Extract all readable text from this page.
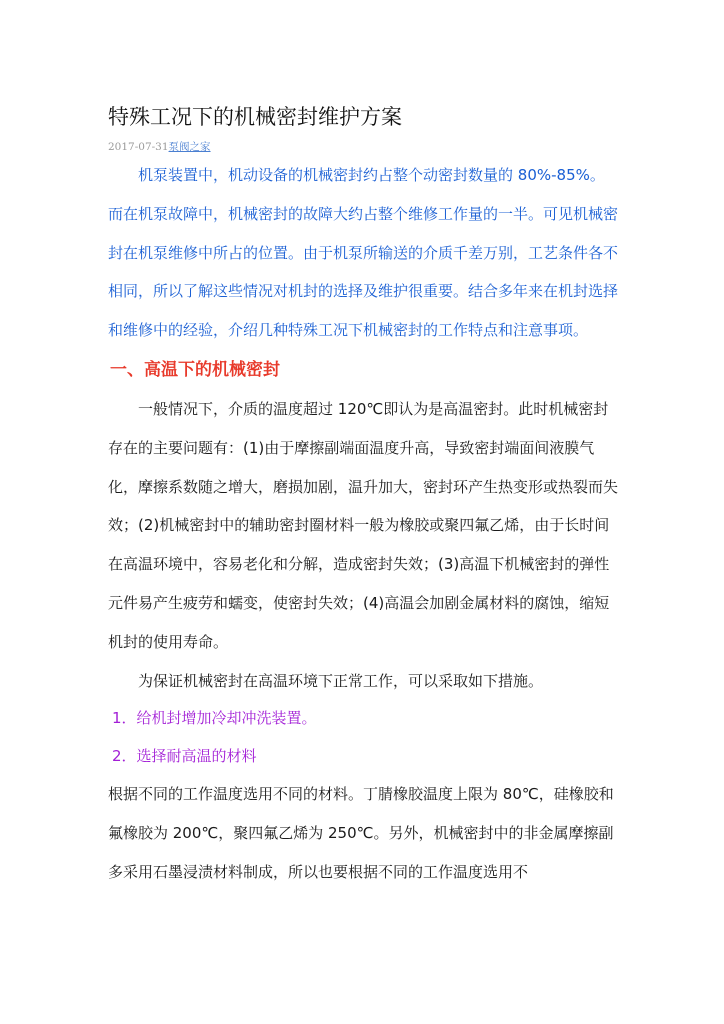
特殊工况下的机械密封维护方案
2017-07-31泵阀之家

机泵装置中，机动设备的机械密封约占整个动密封数量的 80%-85%。而在机泵故障中，机械密封的故障大约占整个维修工作量的一半。可见机械密封在机泵维修中所占的位置。由于机泵所输送的介质千差万别，工艺条件各不相同，所以了解这些情况对机封的选择及维护很重要。结合多年来在机封选择和维修中的经验，介绍几种特殊工况下机械密封的工作特点和注意事项。

一、高温下的机械密封

一般情况下，介质的温度超过 120℃即认为是高温密封。此时机械密封存在的主要问题有：(1)由于摩擦副端面温度升高，导致密封端面间液膜气化，摩擦系数随之增大，磨损加剧，温升加大，密封环产生热变形或热裂而失效；(2)机械密封中的辅助密封圈材料一般为橡胶或聚四氟乙烯，由于长时间在高温环境中，容易老化和分解，造成密封失效；(3)高温下机械密封的弹性元件易产生疲劳和蠕变，使密封失效；(4)高温会加剧金属材料的腐蚀，缩短机封的使用寿命。

为保证机械密封在高温环境下正常工作，可以采取如下措施。

1．给机封增加冷却冲洗装置。
2．选择耐高温的材料

根据不同的工作温度选用不同的材料。丁腈橡胶温度上限为 80℃，硅橡胶和氟橡胶为 200℃，聚四氟乙烯为 250℃。另外，机械密封中的非金属摩擦副多采用石墨浸渍材料制成，所以也要根据不同的工作温度选用不
